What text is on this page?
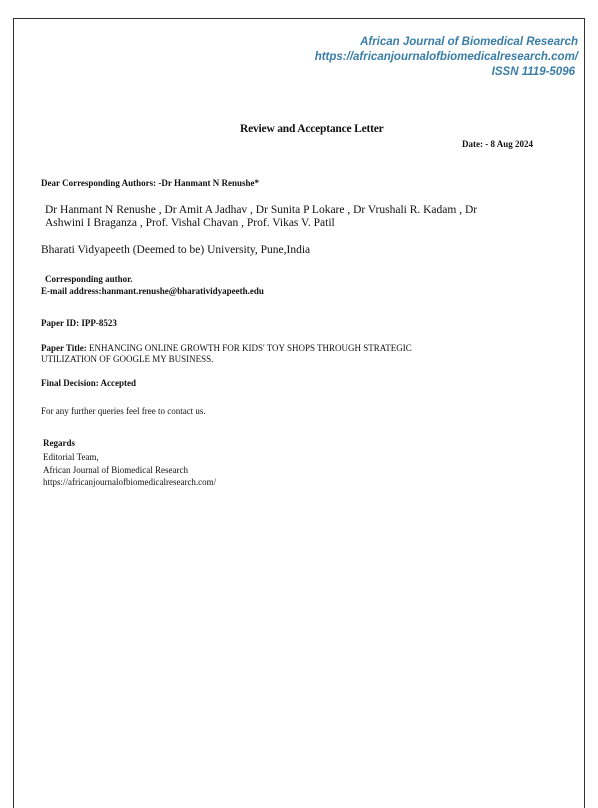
African Journal of Biomedical Research
https://africanjournalofbiomedicalresearch.com/
ISSN 1119-5096
Review and Acceptance Letter
Date: - 8 Aug 2024
Dear Corresponding Authors: -Dr Hanmant N Renushe*
Dr Hanmant N Renushe , Dr Amit A Jadhav , Dr Sunita P Lokare , Dr Vrushali R. Kadam , Dr
Ashwini I Braganza , Prof. Vishal Chavan , Prof. Vikas V. Patil
Bharati Vidyapeeth (Deemed to be) University, Pune,India
Corresponding author.
E-mail address:hanmant.renushe@bharatividyapeeth.edu
Paper ID: IPP-8523
Paper Title: ENHANCING ONLINE GROWTH FOR KIDS' TOY SHOPS THROUGH STRATEGIC
UTILIZATION OF GOOGLE MY BUSINESS.
Final Decision: Accepted
For any further queries feel free to contact us.
Regards
Editorial Team,
African Journal of Biomedical Research
https://africanjournalofbiomedicalresearch.com/
